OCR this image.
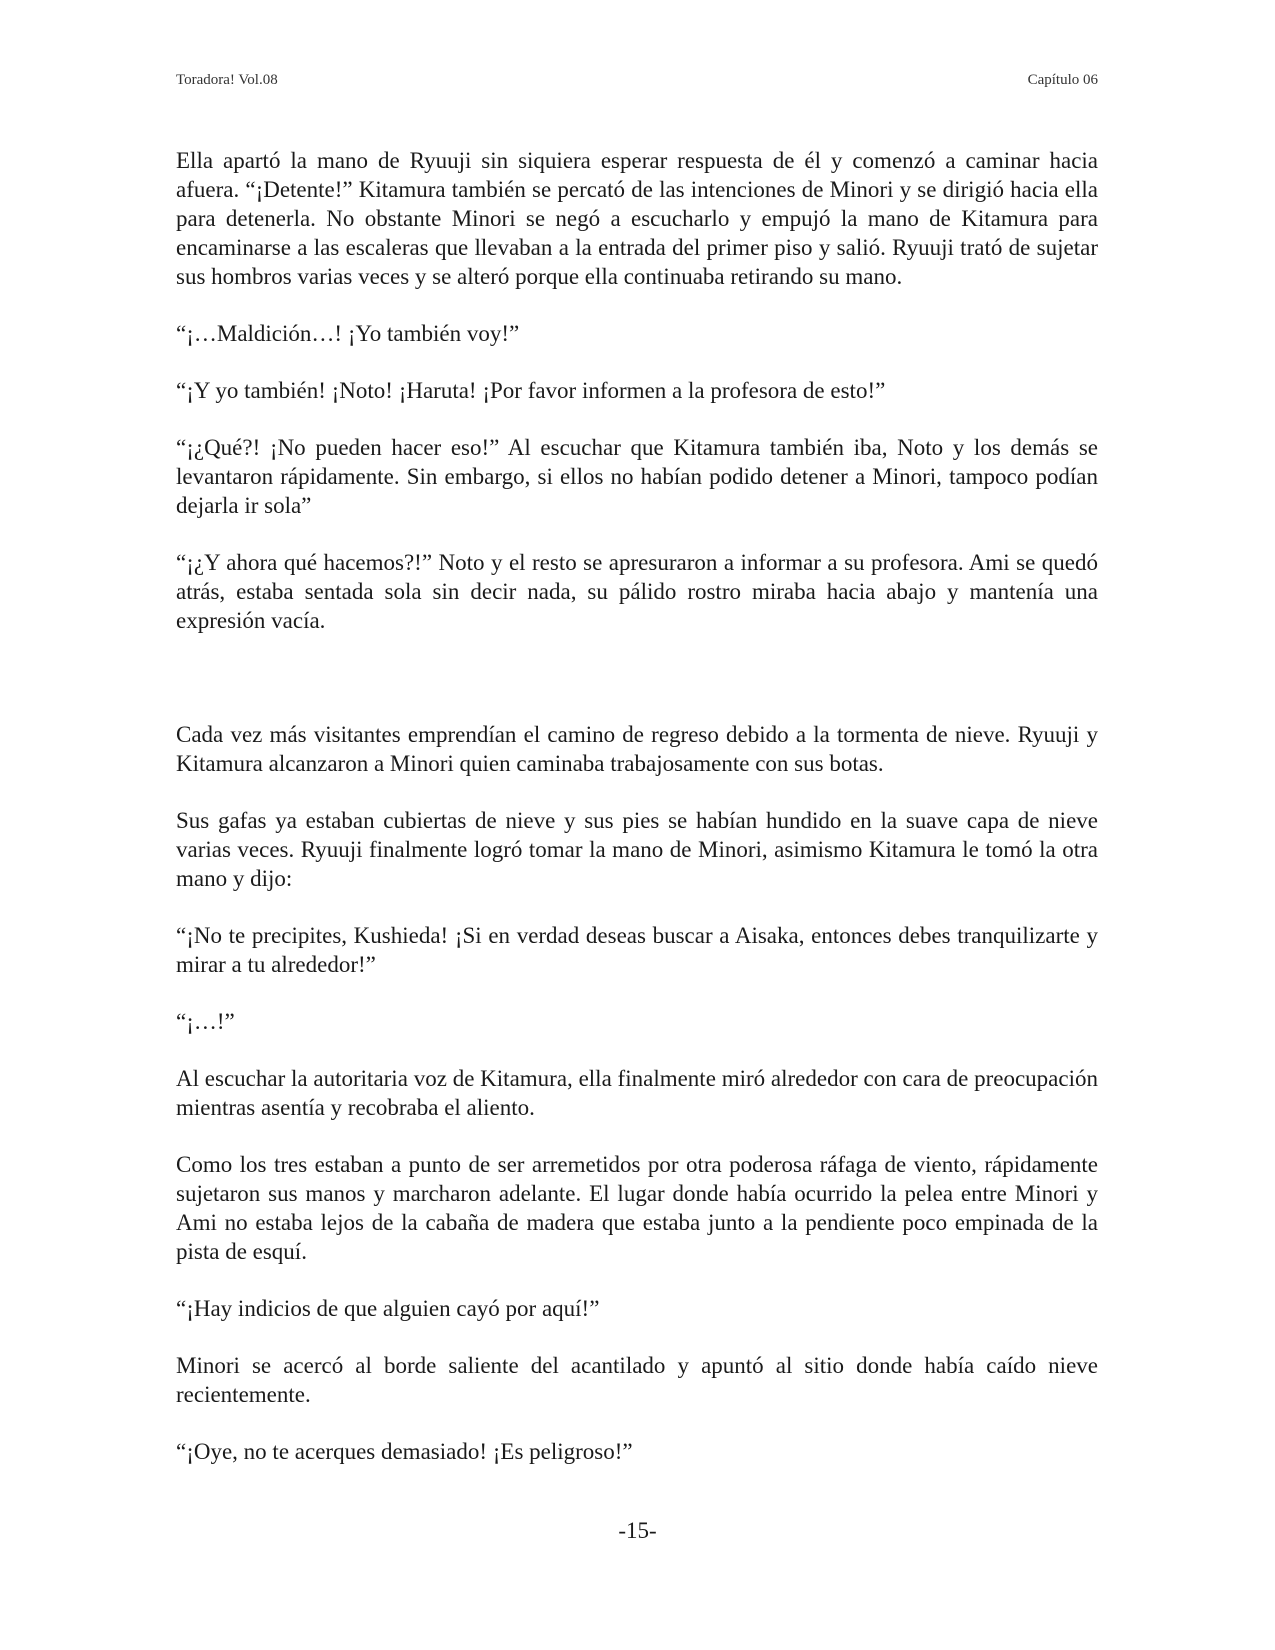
Toradora! Vol.08	Capítulo 06

Ella apartó la mano de Ryuuji sin siquiera esperar respuesta de él y comenzó a caminar hacia afuera. “¡Detente!” Kitamura también se percató de las intenciones de Minori y se dirigió hacia ella para detenerla. No obstante Minori se negó a escucharlo y empujó la mano de Kitamura para encaminarse a las escaleras que llevaban a la entrada del primer piso y salió. Ryuuji trató de sujetar sus hombros varias veces y se alteró porque ella continuaba retirando su mano.

“¡…Maldición…! ¡Yo también voy!”

“¡Y yo también! ¡Noto! ¡Haruta! ¡Por favor informen a la profesora de esto!”

“¡¿Qué?! ¡No pueden hacer eso!” Al escuchar que Kitamura también iba, Noto y los demás se levantaron rápidamente. Sin embargo, si ellos no habían podido detener a Minori, tampoco podían dejarla ir sola”

“¡¿Y ahora qué hacemos?!” Noto y el resto se apresuraron a informar a su profesora. Ami se quedó atrás, estaba sentada sola sin decir nada, su pálido rostro miraba hacia abajo y mantenía una expresión vacía.

Cada vez más visitantes emprendían el camino de regreso debido a la tormenta de nieve. Ryuuji y Kitamura alcanzaron a Minori quien caminaba trabajosamente con sus botas.

Sus gafas ya estaban cubiertas de nieve y sus pies se habían hundido en la suave capa de nieve varias veces. Ryuuji finalmente logró tomar la mano de Minori, asimismo Kitamura le tomó la otra mano y dijo:

“¡No te precipites, Kushieda! ¡Si en verdad deseas buscar a Aisaka, entonces debes tranquilizarte y mirar a tu alrededor!”

“¡…!”

Al escuchar la autoritaria voz de Kitamura, ella finalmente miró alrededor con cara de preocupación mientras asentía y recobraba el aliento.

Como los tres estaban a punto de ser arremetidos por otra poderosa ráfaga de viento, rápidamente sujetaron sus manos y marcharon adelante. El lugar donde había ocurrido la pelea entre Minori y Ami no estaba lejos de la cabaña de madera que estaba junto a la pendiente poco empinada de la pista de esquí.

“¡Hay indicios de que alguien cayó por aquí!”

Minori se acercó al borde saliente del acantilado y apuntó al sitio donde había caído nieve recientemente.

“¡Oye, no te acerques demasiado! ¡Es peligroso!”

-15-
